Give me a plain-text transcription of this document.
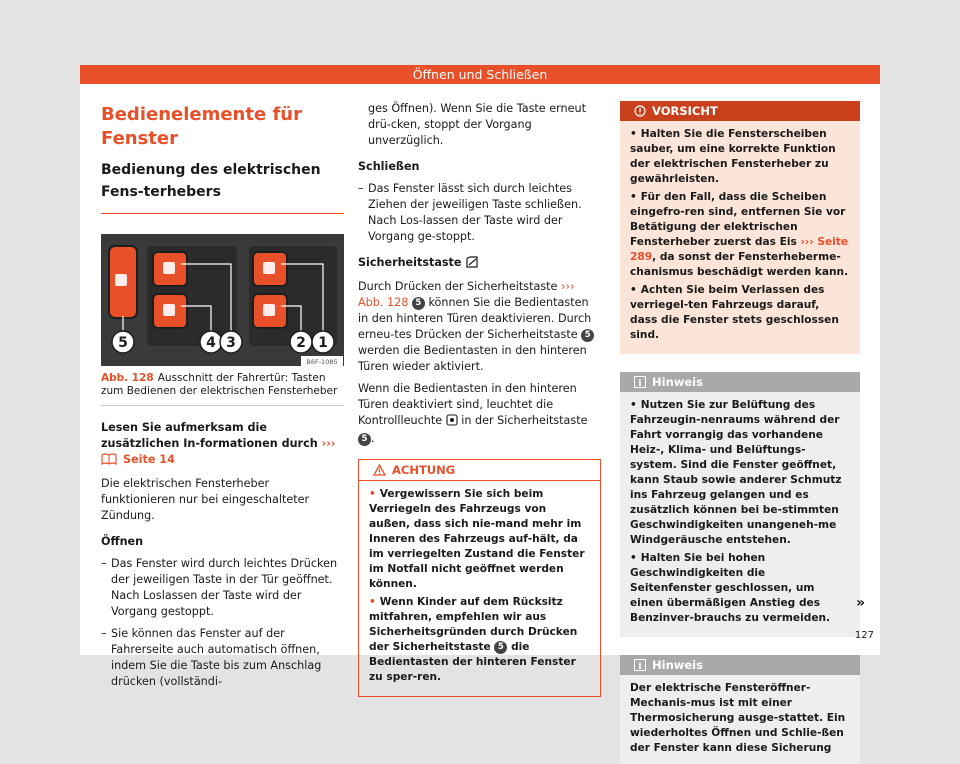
Öffnen und Schließen
Bedienelemente für Fenster
Bedienung des elektrischen Fens-terhebers
5	4 3	2 1
B6F-1085
Abb. 128 Ausschnitt der Fahrertür: Tasten zum Bedienen der elektrischen Fensterheber

Lesen Sie aufmerksam die zusätzlichen In-formationen durch ››› Seite 14

Die elektrischen Fensterheber funktionieren nur bei eingeschalteter Zündung.

Öffnen

– Das Fenster wird durch leichtes Drücken der jeweiligen Taste in der Tür geöffnet. Nach Loslassen der Taste wird der Vorgang gestoppt.

– Sie können das Fenster auf der Fahrerseite auch automatisch öffnen, indem Sie die Taste bis zum Anschlag drücken (vollständi-

ges Öffnen). Wenn Sie die Taste erneut drü-cken, stoppt der Vorgang unverzüglich.

Schließen

– Das Fenster lässt sich durch leichtes Ziehen der jeweiligen Taste schließen. Nach Los-lassen der Taste wird der Vorgang ge-stoppt.

Sicherheitstaste

Durch Drücken der Sicherheitstaste ››› Abb. 128 5 können Sie die Bedientasten in den hinteren Türen deaktivieren. Durch erneu-tes Drücken der Sicherheitstaste 5 werden die Bedientasten in den hinteren Türen wieder aktiviert.

Wenn die Bedientasten in den hinteren Türen deaktiviert sind, leuchtet die Kontrollleuchte in der Sicherheitstaste 5 .

ACHTUNG

• Vergewissern Sie sich beim Verriegeln des Fahrzeugs von außen, dass sich nie-mand mehr im Inneren des Fahrzeugs auf-hält, da im verriegelten Zustand die Fenster im Notfall nicht geöffnet werden können.

• Wenn Kinder auf dem Rücksitz mitfahren, empfehlen wir aus Sicherheitsgründen durch Drücken der Sicherheitstaste 5 die Bedientasten der hinteren Fenster zu sper-ren.

VORSICHT

• Halten Sie die Fensterscheiben sauber, um eine korrekte Funktion der elektrischen Fensterheber zu gewährleisten.

• Für den Fall, dass die Scheiben eingefro-ren sind, entfernen Sie vor Betätigung der elektrischen Fensterheber zuerst das Eis ››› Seite 289, da sonst der Fensterheberme-chanismus beschädigt werden kann.

• Achten Sie beim Verlassen des verriegel-ten Fahrzeugs darauf, dass die Fenster stets geschlossen sind.

i Hinweis

• Nutzen Sie zur Belüftung des Fahrzeugin-nenraums während der Fahrt vorrangig das vorhandene Heiz-, Klima- und Belüftungs-system. Sind die Fenster geöffnet, kann Staub sowie anderer Schmutz ins Fahrzeug gelangen und es zusätzlich können bei be-stimmten Geschwindigkeiten unangeneh-me Windgeräusche entstehen.

• Halten Sie bei hohen Geschwindigkeiten die Seitenfenster geschlossen, um einen übermäßigen Anstieg des Benzinver-brauchs zu vermeiden.

i Hinweis

Der elektrische Fensteröffner-Mechanis-mus ist mit einer Thermosicherung ausge-stattet. Ein wiederholtes Öffnen und Schlie-ßen der Fenster kann diese Sicherung

»
127
